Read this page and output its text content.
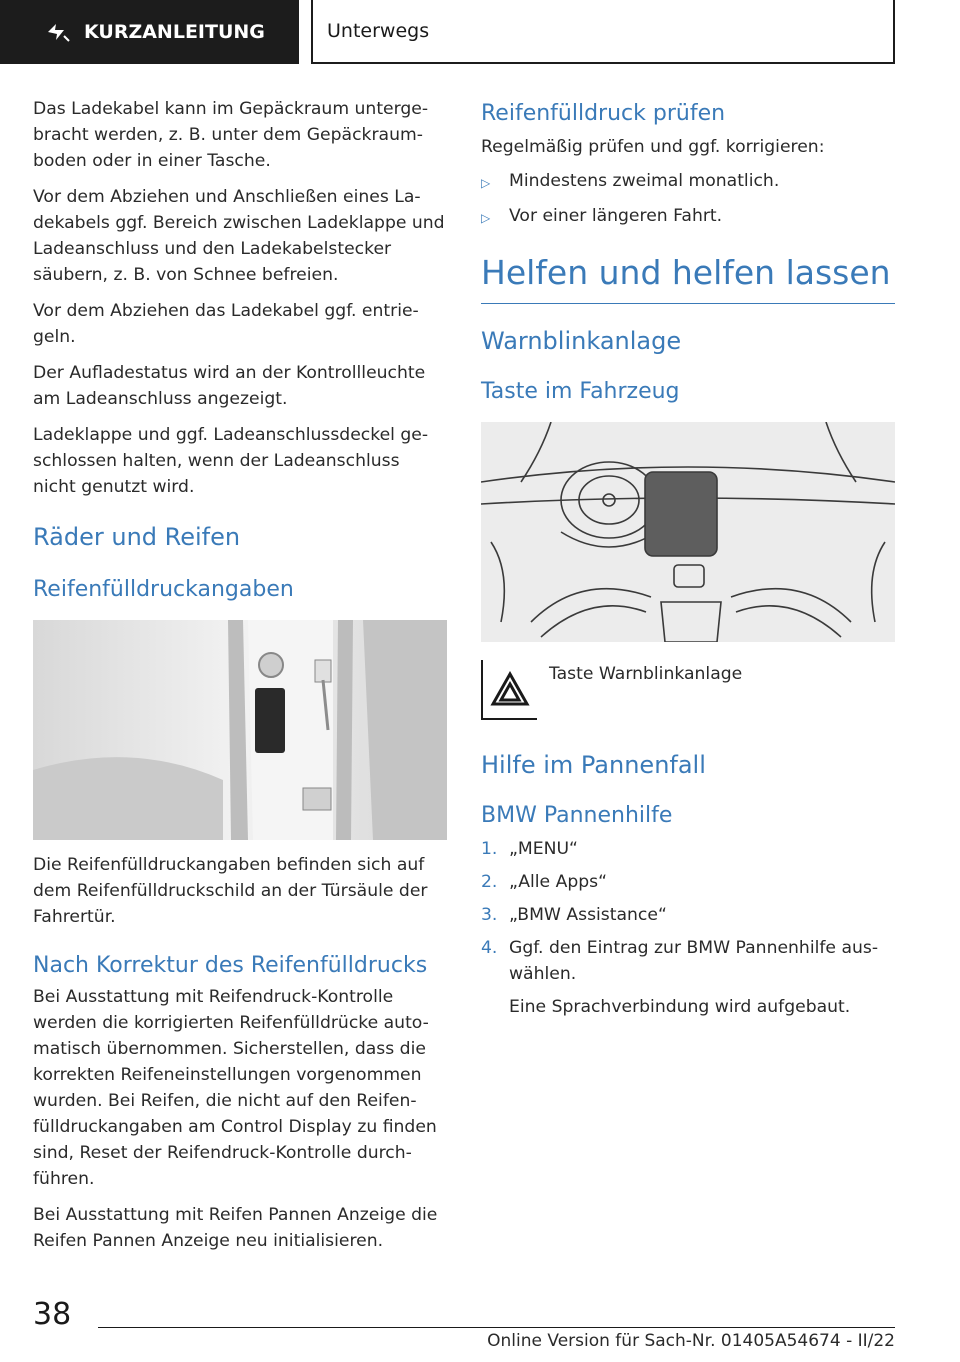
KURZANLEITUNG	Unterwegs

Das Ladekabel kann im Gepäckraum unterge-bracht werden, z. B. unter dem Gepäckraum-boden oder in einer Tasche.

Vor dem Abziehen und Anschließen eines La-dekabels ggf. Bereich zwischen Ladeklappe und Ladeanschluss und den Ladekabelstecker säubern, z. B. von Schnee befreien.

Vor dem Abziehen das Ladekabel ggf. entrie-geln.

Der Aufladestatus wird an der Kontrollleuchte am Ladeanschluss angezeigt.

Ladeklappe und ggf. Ladeanschlussdeckel ge-schlossen halten, wenn der Ladeanschluss nicht genutzt wird.

Räder und Reifen
Reifenfülldruckangaben

Die Reifenfülldruckangaben befinden sich auf dem Reifenfülldruckschild an der Türsäule der Fahrertür.

Nach Korrektur des Reifenfülldrucks

Bei Ausstattung mit Reifendruck-Kontrolle werden die korrigierten Reifenfülldrücke auto-matisch übernommen. Sicherstellen, dass die korrekten Reifeneinstellungen vorgenommen wurden. Bei Reifen, die nicht auf den Reifen-fülldruckangaben am Control Display zu finden sind, Reset der Reifendruck-Kontrolle durch-führen.

Bei Ausstattung mit Reifen Pannen Anzeige die Reifen Pannen Anzeige neu initialisieren.

Reifenfülldruck prüfen

Regelmäßig prüfen und ggf. korrigieren:

▷	Mindestens zweimal monatlich.
▷	Vor einer längeren Fahrt.
Helfen und helfen lassen
Warnblinkanlage
Taste im Fahrzeug
Taste Warnblinkanlage
Hilfe im Pannenfall
BMW Pannenhilfe
1. „MENU“
2. „Alle Apps“
3. „BMW Assistance“
4. Ggf. den Eintrag zur BMW Pannenhilfe aus-wählen.

Eine Sprachverbindung wird aufgebaut.

38
Online Version für Sach-Nr. 01405A54674 - II/22
